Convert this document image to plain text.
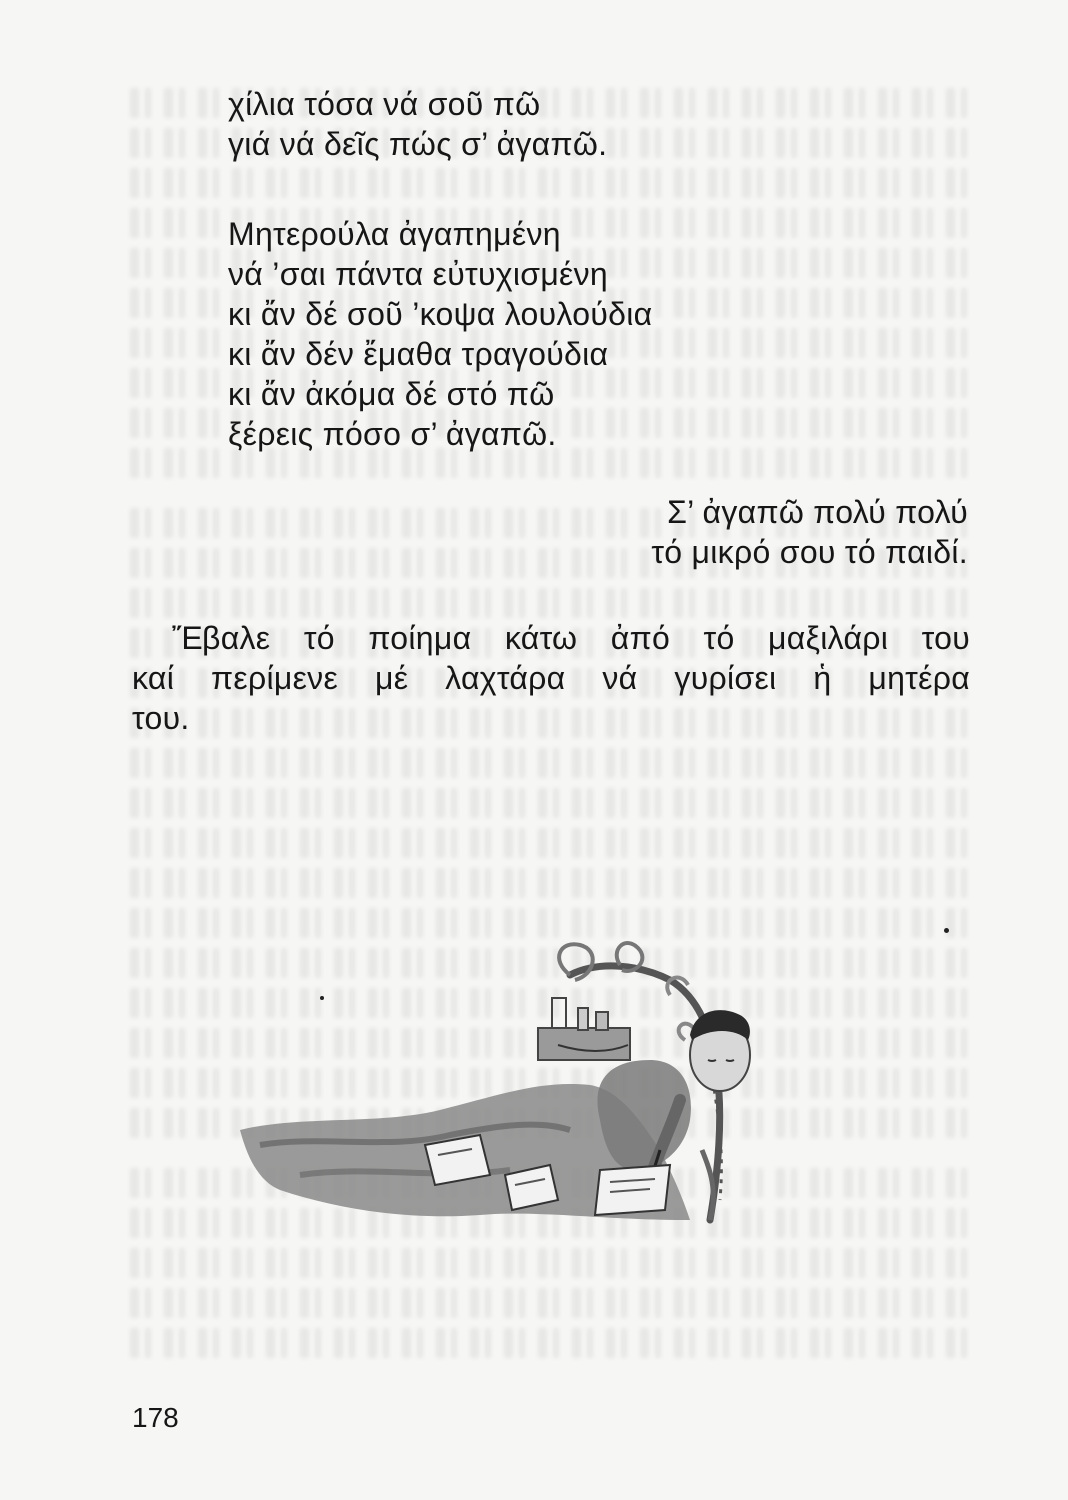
χίλια τόσα νά σοῦ πῶ
γιά νά δεῖς πώς σ’ ἀγαπῶ.
Μητερούλα ἀγαπημένη
νά ’σαι πάντα εὐτυχισμένη
κι ἄν δέ σοῦ ’κοψα λουλούδια
κι ἄν δέν ἔμαθα τραγούδια
κι ἄν ἀκόμα δέ στό πῶ
ξέρεις πόσο σ’ ἀγαπῶ.
Σ’ ἀγαπῶ πολύ πολύ
τό μικρό σου τό παιδί.
Ἔβαλε τό ποίημα κάτω ἀπό τό μαξιλάρι του
καί περίμενε μέ λαχτάρα νά γυρίσει ἡ μητέρα
του.
178
